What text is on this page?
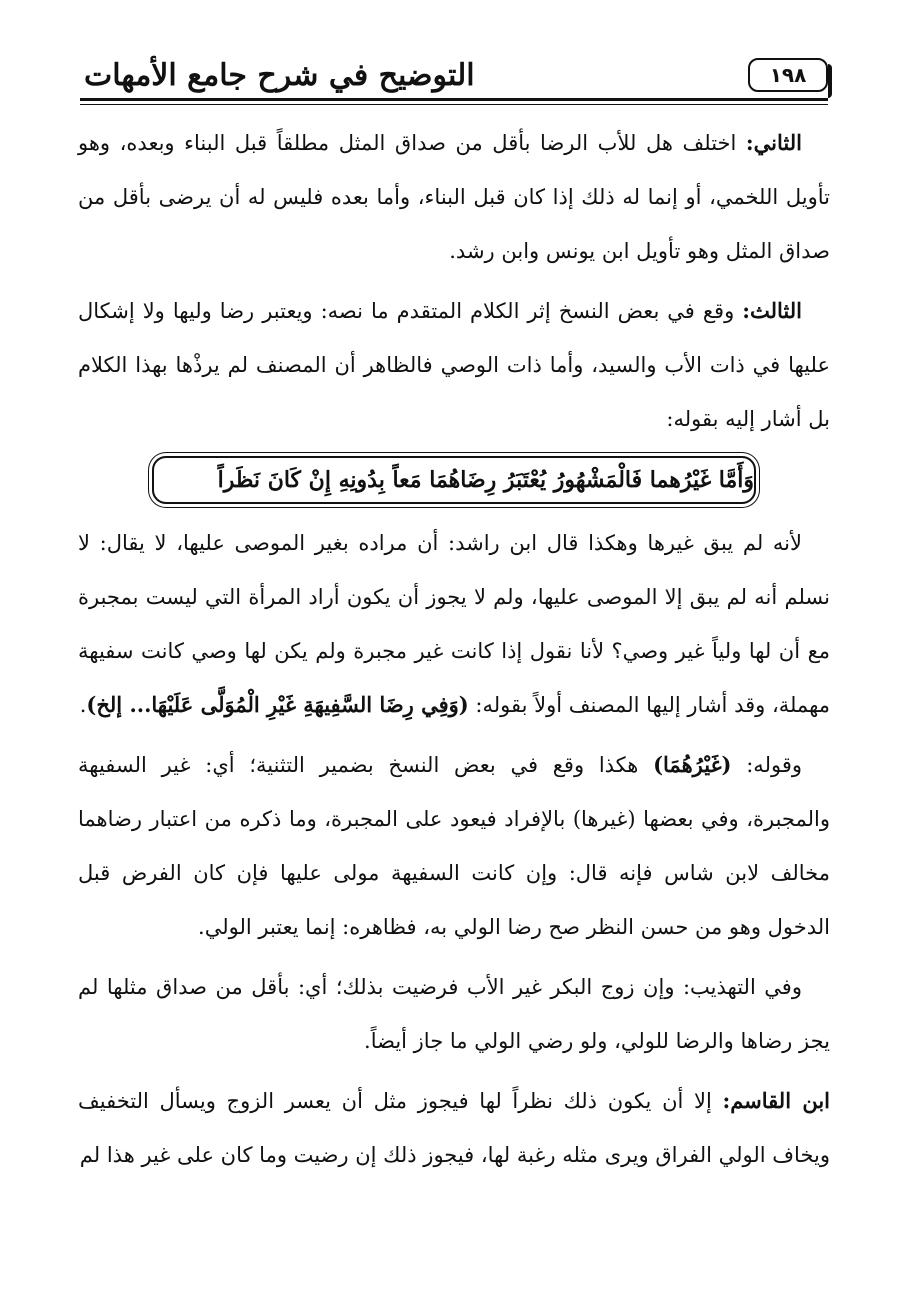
١٩٨
التوضيح في شرح جامع الأمهات

الثاني: اختلف هل للأب الرضا بأقل من صداق المثل مطلقاً قبل البناء وبعده، وهو تأويل اللخمي، أو إنما له ذلك إذا كان قبل البناء، وأما بعده فليس له أن يرضى بأقل من صداق المثل وهو تأويل ابن يونس وابن رشد.

الثالث: وقع في بعض النسخ إثر الكلام المتقدم ما نصه: ويعتبر رضا وليها ولا إشكال عليها في ذات الأب والسيد، وأما ذات الوصي فالظاهر أن المصنف لم يرذْها بهذا الكلام بل أشار إليه بقوله:

وَأَمَّا غَيْرُهما فَالْمَشْهُورُ يُعْتَبَرُ رِضَاهُمَا مَعاً بِدُونِهِ إِنْ كَانَ نَظَراً

لأنه لم يبق غيرها وهكذا قال ابن راشد: أن مراده بغير الموصى عليها، لا يقال: لا نسلم أنه لم يبق إلا الموصى عليها، ولم لا يجوز أن يكون أراد المرأة التي ليست بمجبرة مع أن لها ولياً غير وصي؟ لأنا نقول إذا كانت غير مجبرة ولم يكن لها وصي كانت سفيهة مهملة، وقد أشار إليها المصنف أولاً بقوله: (وَفِي رِضَا السَّفِيهَةِ غَيْرِ الْمُوَلَّى عَلَيْهَا... إلخ).

وقوله: (غَيْرُهُمَا) هكذا وقع في بعض النسخ بضمير التثنية؛ أي: غير السفيهة والمجبرة، وفي بعضها (غيرها) بالإفراد فيعود على المجبرة، وما ذكره من اعتبار رضاهما مخالف لابن شاس فإنه قال: وإن كانت السفيهة مولى عليها فإن كان الفرض قبل الدخول وهو من حسن النظر صح رضا الولي به، فظاهره: إنما يعتبر الولي.

وفي التهذيب: وإن زوج البكر غير الأب فرضيت بذلك؛ أي: بأقل من صداق مثلها لم يجز رضاها والرضا للولي، ولو رضي الولي ما جاز أيضاً.

ابن القاسم: إلا أن يكون ذلك نظراً لها فيجوز مثل أن يعسر الزوج ويسأل التخفيف ويخاف الولي الفراق ويرى مثله رغبة لها، فيجوز ذلك إن رضيت وما كان على غير هذا لم
